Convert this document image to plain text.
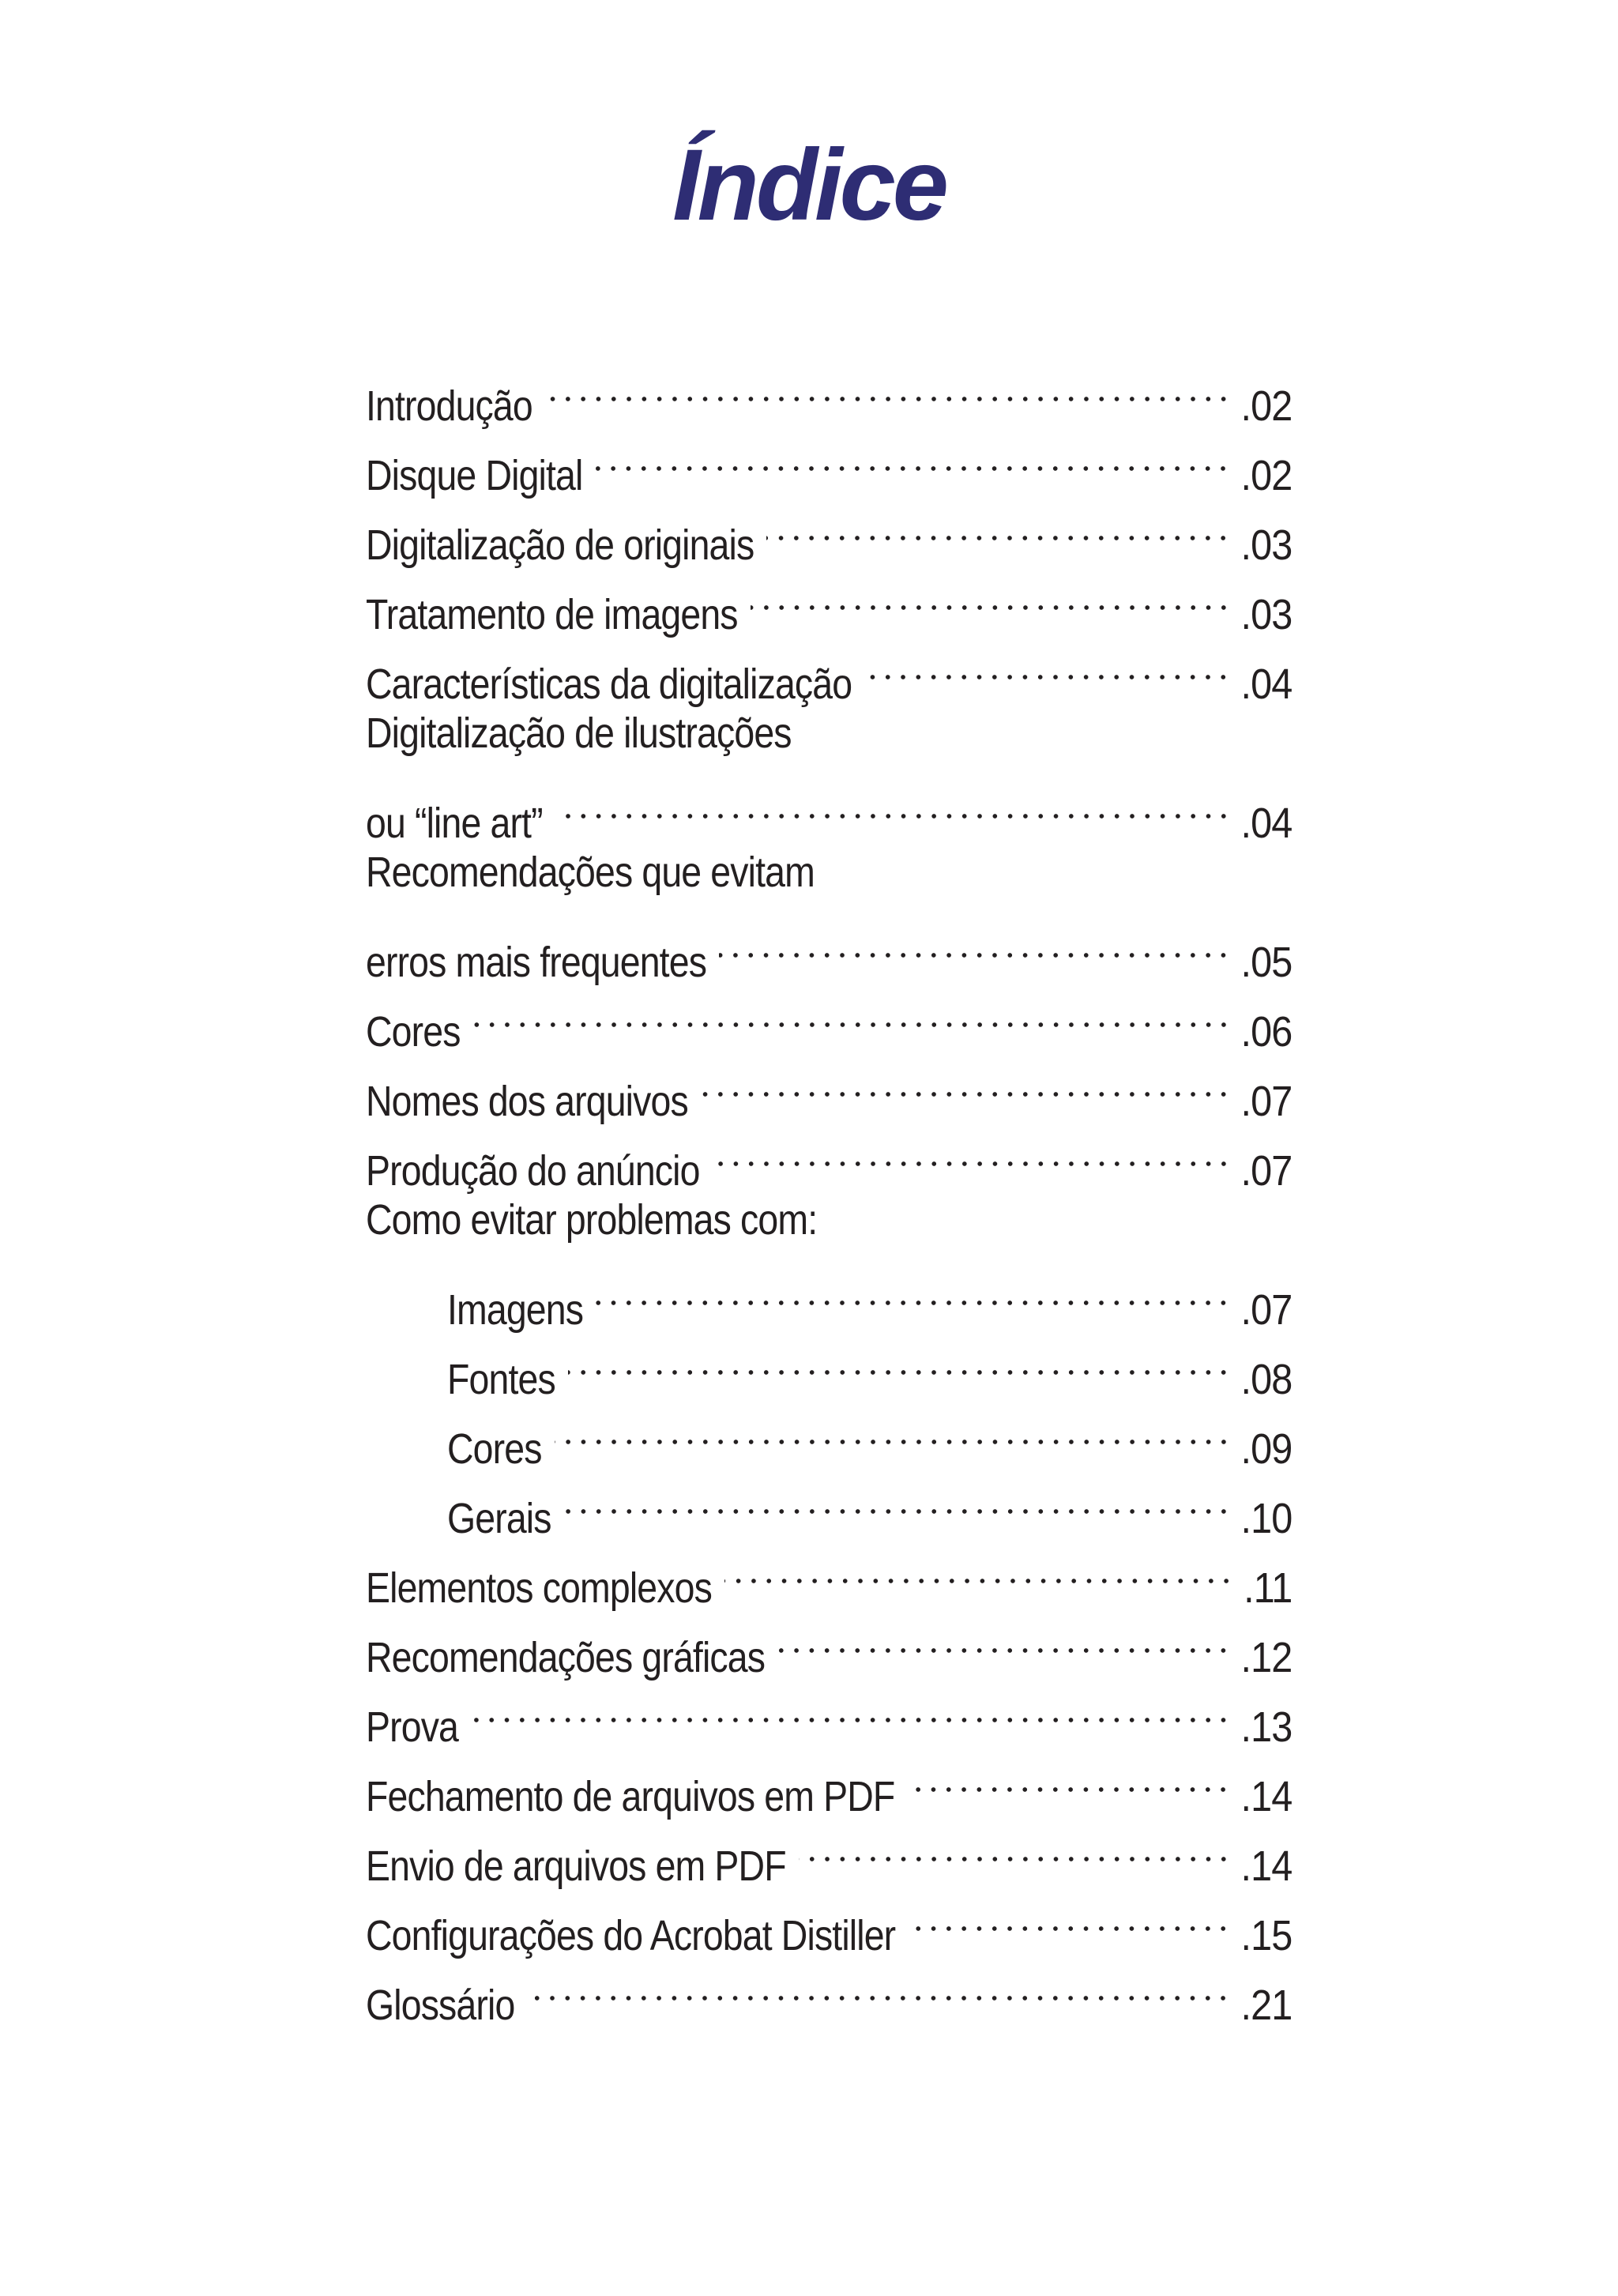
Índice
Introdução	.02
Disque Digital	.02
Digitalização de originais	.03
Tratamento de imagens	.03
Características da digitalização	.04
Digitalização de ilustrações
ou “line art”	.04
Recomendações que evitam
erros mais frequentes	.05
Cores	.06
Nomes dos arquivos	.07
Produção do anúncio	.07
Como evitar problemas com:
Imagens	.07
Fontes	.08
Cores	.09
Gerais	.10
Elementos complexos	.11
Recomendações gráficas	.12
Prova	.13
Fechamento de arquivos em PDF	.14
Envio de arquivos em PDF	.14
Configurações do Acrobat Distiller	.15
Glossário	.21
